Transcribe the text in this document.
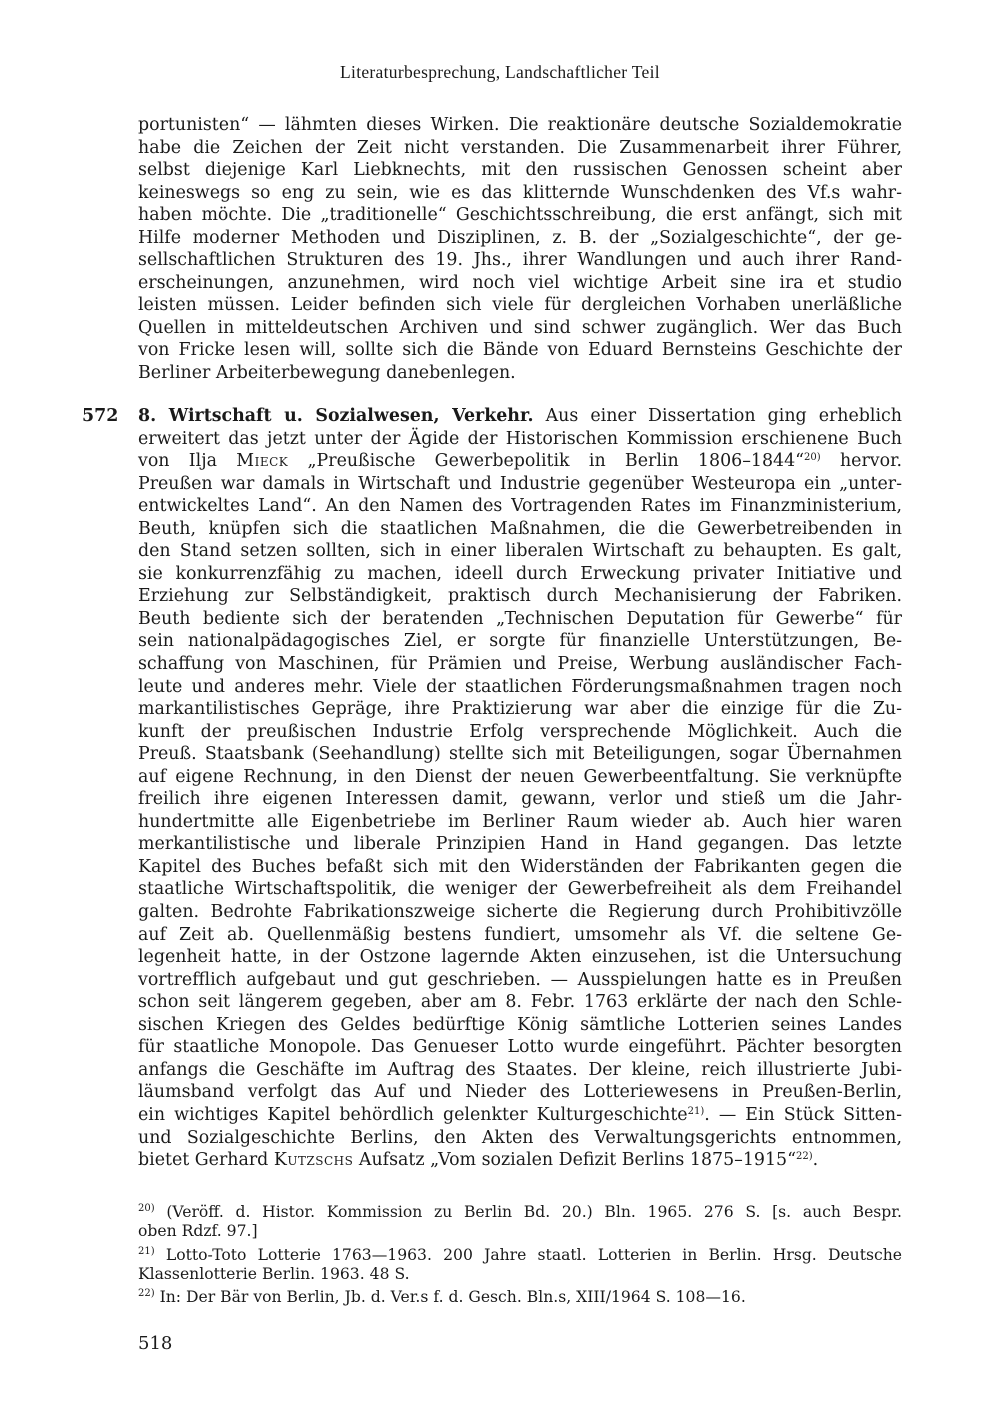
Literaturbesprechung, Landschaftlicher Teil
portunisten“ — lähmten dieses Wirken. Die reaktionäre deutsche Sozialdemokratie
habe die Zeichen der Zeit nicht verstanden. Die Zusammenarbeit ihrer Führer,
selbst diejenige Karl Liebknechts, mit den russischen Genossen scheint aber
keineswegs so eng zu sein, wie es das klitternde Wunschdenken des Vf.s wahr-
haben möchte. Die „traditionelle“ Geschichtsschreibung, die erst anfängt, sich mit
Hilfe moderner Methoden und Disziplinen, z. B. der „Sozialgeschichte“, der ge-
sellschaftlichen Strukturen des 19. Jhs., ihrer Wandlungen und auch ihrer Rand-
erscheinungen, anzunehmen, wird noch viel wichtige Arbeit sine ira et studio
leisten müssen. Leider befinden sich viele für dergleichen Vorhaben unerläßliche
Quellen in mitteldeutschen Archiven und sind schwer zugänglich. Wer das Buch
von Fricke lesen will, sollte sich die Bände von Eduard Bernsteins Geschichte der
Berliner Arbeiterbewegung danebenlegen.
572 8. Wirtschaft u. Sozialwesen, Verkehr. Aus einer Dissertation ging erheblich
erweitert das jetzt unter der Ägide der Historischen Kommission erschienene Buch
von Ilja Mieck „Preußische Gewerbepolitik in Berlin 1806–1844“$^{20)}$ hervor.
Preußen war damals in Wirtschaft und Industrie gegenüber Westeuropa ein „unter-
entwickeltes Land“. An den Namen des Vortragenden Rates im Finanzministerium,
Beuth, knüpfen sich die staatlichen Maßnahmen, die die Gewerbetreibenden in
den Stand setzen sollten, sich in einer liberalen Wirtschaft zu behaupten. Es galt,
sie konkurrenzfähig zu machen, ideell durch Erweckung privater Initiative und
Erziehung zur Selbständigkeit, praktisch durch Mechanisierung der Fabriken.
Beuth bediente sich der beratenden „Technischen Deputation für Gewerbe“ für
sein nationalpädagogisches Ziel, er sorgte für finanzielle Unterstützungen, Be-
schaffung von Maschinen, für Prämien und Preise, Werbung ausländischer Fach-
leute und anderes mehr. Viele der staatlichen Förderungsmaßnahmen tragen noch
markantilistisches Gepräge, ihre Praktizierung war aber die einzige für die Zu-
kunft der preußischen Industrie Erfolg versprechende Möglichkeit. Auch die
Preuß. Staatsbank (Seehandlung) stellte sich mit Beteiligungen, sogar Übernahmen
auf eigene Rechnung, in den Dienst der neuen Gewerbeentfaltung. Sie verknüpfte
freilich ihre eigenen Interessen damit, gewann, verlor und stieß um die Jahr-
hundertmitte alle Eigenbetriebe im Berliner Raum wieder ab. Auch hier waren
merkantilistische und liberale Prinzipien Hand in Hand gegangen. Das letzte
Kapitel des Buches befaßt sich mit den Widerständen der Fabrikanten gegen die
staatliche Wirtschaftspolitik, die weniger der Gewerbefreiheit als dem Freihandel
galten. Bedrohte Fabrikationszweige sicherte die Regierung durch Prohibitivzölle
auf Zeit ab. Quellenmäßig bestens fundiert, umsomehr als Vf. die seltene Ge-
legenheit hatte, in der Ostzone lagernde Akten einzusehen, ist die Untersuchung
vortrefflich aufgebaut und gut geschrieben. — Ausspielungen hatte es in Preußen
schon seit längerem gegeben, aber am 8. Febr. 1763 erklärte der nach den Schle-
sischen Kriegen des Geldes bedürftige König sämtliche Lotterien seines Landes
für staatliche Monopole. Das Genueser Lotto wurde eingeführt. Pächter besorgten
anfangs die Geschäfte im Auftrag des Staates. Der kleine, reich illustrierte Jubi-
läumsband verfolgt das Auf und Nieder des Lotteriewesens in Preußen-Berlin,
ein wichtiges Kapitel behördlich gelenkter Kulturgeschichte$^{21)}$. — Ein Stück Sitten-
und Sozialgeschichte Berlins, den Akten des Verwaltungsgerichts entnommen,
bietet Gerhard Kutzschs Aufsatz „Vom sozialen Defizit Berlins 1875–1915“$^{22)}$.
$^{20)}$ (Veröff. d. Histor. Kommission zu Berlin Bd. 20.) Bln. 1965. 276 S. [s. auch Bespr.
oben Rdzf. 97.]
$^{21)}$ Lotto-Toto Lotterie 1763—1963. 200 Jahre staatl. Lotterien in Berlin. Hrsg. Deutsche
Klassenlotterie Berlin. 1963. 48 S.
$^{22)}$ In: Der Bär von Berlin, Jb. d. Ver.s f. d. Gesch. Bln.s, XIII/1964 S. 108—16.
518
